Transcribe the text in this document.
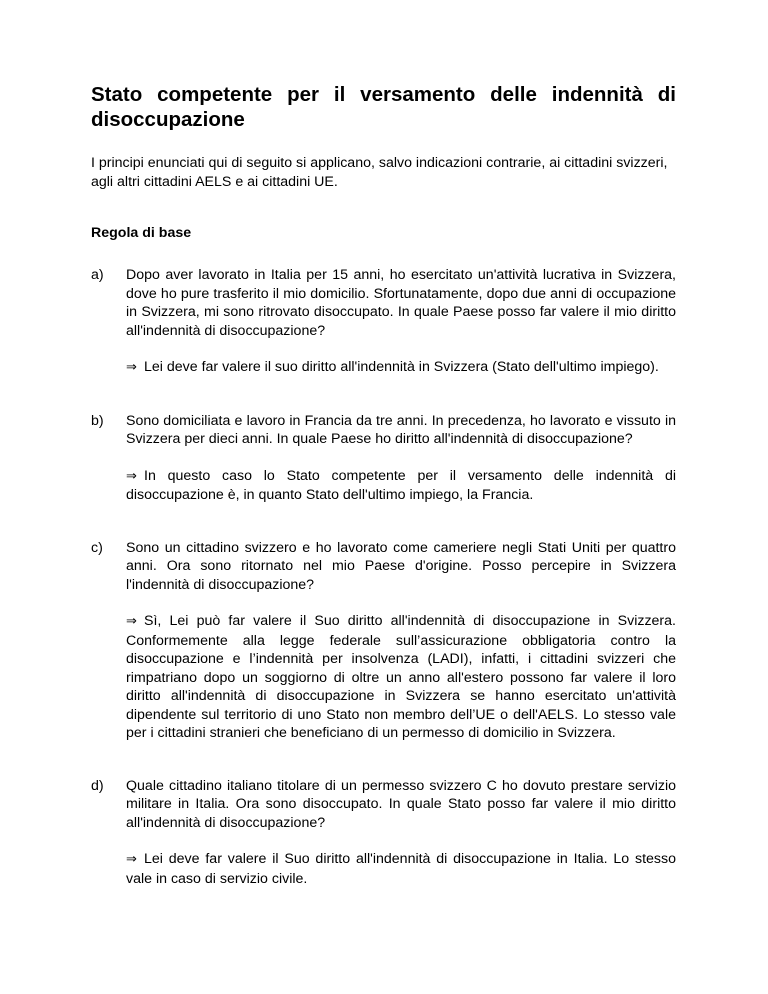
Stato competente per il versamento delle indennità di disoccupazione

I principi enunciati qui di seguito si applicano, salvo indicazioni contrarie, ai cittadini svizzeri, agli altri cittadini AELS e ai cittadini UE.

Regola di base
a)	Dopo aver lavorato in Italia per 15 anni, ho esercitato un'attività lucrativa in Svizzera, dove ho pure trasferito il mio domicilio. Sfortunatamente, dopo due anni di occupazione in Svizzera, mi sono ritrovato disoccupato. In quale Paese posso far valere il mio diritto all'indennità di disoccupazione?

⇒ Lei deve far valere il suo diritto all'indennità in Svizzera (Stato dell'ultimo impiego).

b)	Sono domiciliata e lavoro in Francia da tre anni. In precedenza, ho lavorato e vissuto in Svizzera per dieci anni. In quale Paese ho diritto all'indennità di disoccupazione?

⇒ In questo caso lo Stato competente per il versamento delle indennità di disoccupazione è, in quanto Stato dell'ultimo impiego, la Francia.

c)	Sono un cittadino svizzero e ho lavorato come cameriere negli Stati Uniti per quattro anni. Ora sono ritornato nel mio Paese d'origine. Posso percepire in Svizzera l'indennità di disoccupazione?

⇒ Sì, Lei può far valere il Suo diritto all'indennità di disoccupazione in Svizzera. Conformemente alla legge federale sull’assicurazione obbligatoria contro la disoccupazione e l’indennità per insolvenza (LADI), infatti, i cittadini svizzeri che rimpatriano dopo un soggiorno di oltre un anno all'estero possono far valere il loro diritto all'indennità di disoccupazione in Svizzera se hanno esercitato un'attività dipendente sul territorio di uno Stato non membro dell’UE o dell'AELS. Lo stesso vale per i cittadini stranieri che beneficiano di un permesso di domicilio in Svizzera.

d)	Quale cittadino italiano titolare di un permesso svizzero C ho dovuto prestare servizio militare in Italia. Ora sono disoccupato. In quale Stato posso far valere il mio diritto all'indennità di disoccupazione?

⇒ Lei deve far valere il Suo diritto all'indennità di disoccupazione in Italia. Lo stesso vale in caso di servizio civile.
